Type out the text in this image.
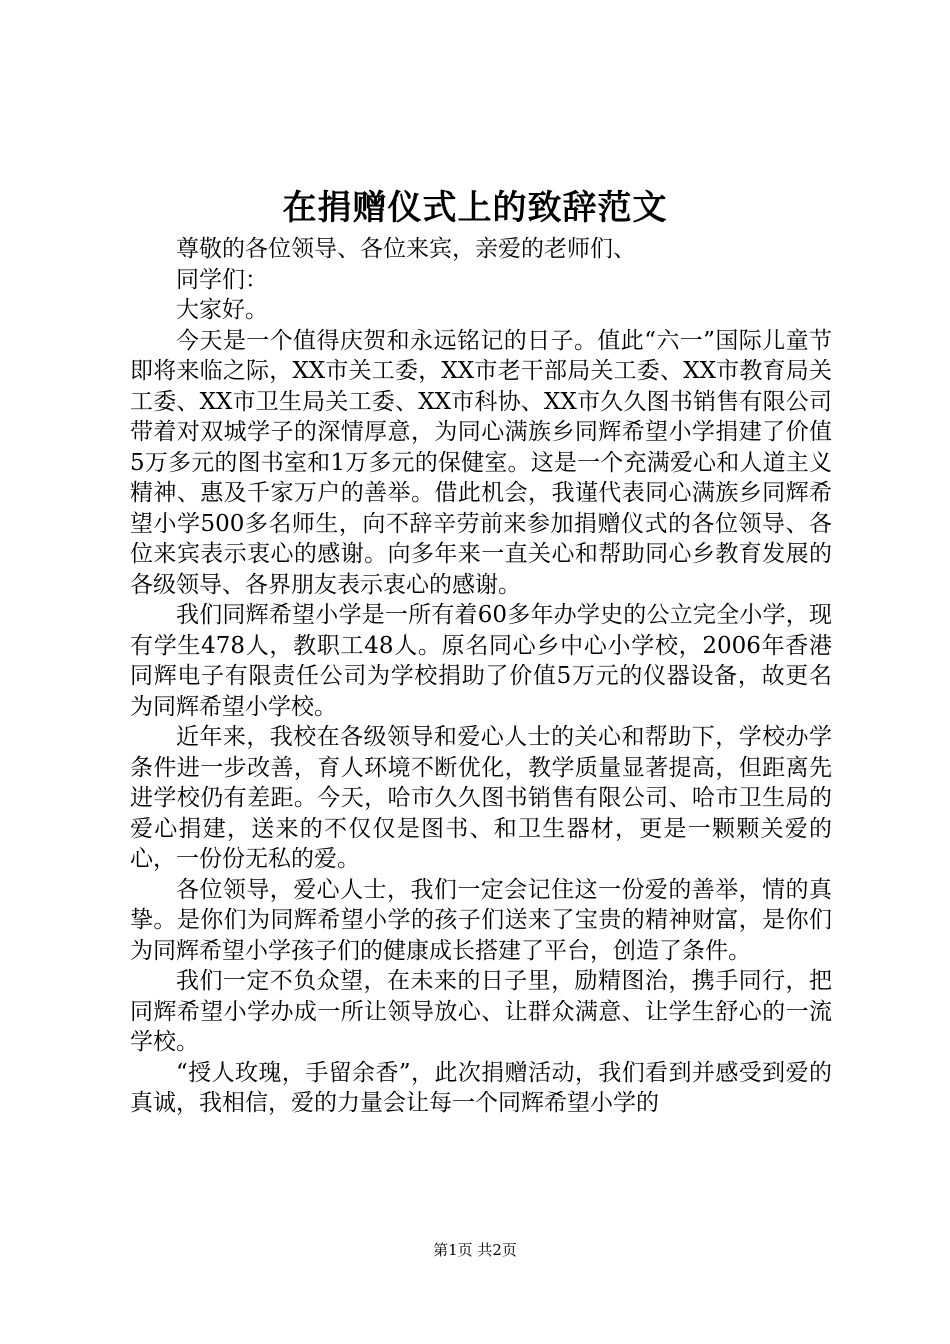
在捐赠仪式上的致辞范文

尊敬的各位领导、各位来宾，亲爱的老师们、

同学们：

大家好。

今天是一个值得庆贺和永远铭记的日子。值此“六一”国际儿童节即将来临之际，XX市关工委，XX市老干部局关工委、XX市教育局关工委、XX市卫生局关工委、XX市科协、XX市久久图书销售有限公司带着对双城学子的深情厚意，为同心满族乡同辉希望小学捐建了价值5万多元的图书室和1万多元的保健室。这是一个充满爱心和人道主义精神、惠及千家万户的善举。借此机会，我谨代表同心满族乡同辉希望小学500多名师生，向不辞辛劳前来参加捐赠仪式的各位领导、各位来宾表示衷心的感谢。向多年来一直关心和帮助同心乡教育发展的各级领导、各界朋友表示衷心的感谢。

我们同辉希望小学是一所有着60多年办学史的公立完全小学，现有学生478人，教职工48人。原名同心乡中心小学校，2006年香港同辉电子有限责任公司为学校捐助了价值5万元的仪器设备，故更名为同辉希望小学校。

近年来，我校在各级领导和爱心人士的关心和帮助下，学校办学条件进一步改善，育人环境不断优化，教学质量显著提高，但距离先进学校仍有差距。今天，哈市久久图书销售有限公司、哈市卫生局的爱心捐建，送来的不仅仅是图书、和卫生器材，更是一颗颗关爱的心，一份份无私的爱。

各位领导，爱心人士，我们一定会记住这一份爱的善举，情的真挚。是你们为同辉希望小学的孩子们送来了宝贵的精神财富，是你们为同辉希望小学孩子们的健康成长搭建了平台，创造了条件。

我们一定不负众望，在未来的日子里，励精图治，携手同行，把同辉希望小学办成一所让领导放心、让群众满意、让学生舒心的一流学校。

“授人玫瑰，手留余香”，此次捐赠活动，我们看到并感受到爱的真诚，我相信，爱的力量会让每一个同辉希望小学的

第1页 共2页
